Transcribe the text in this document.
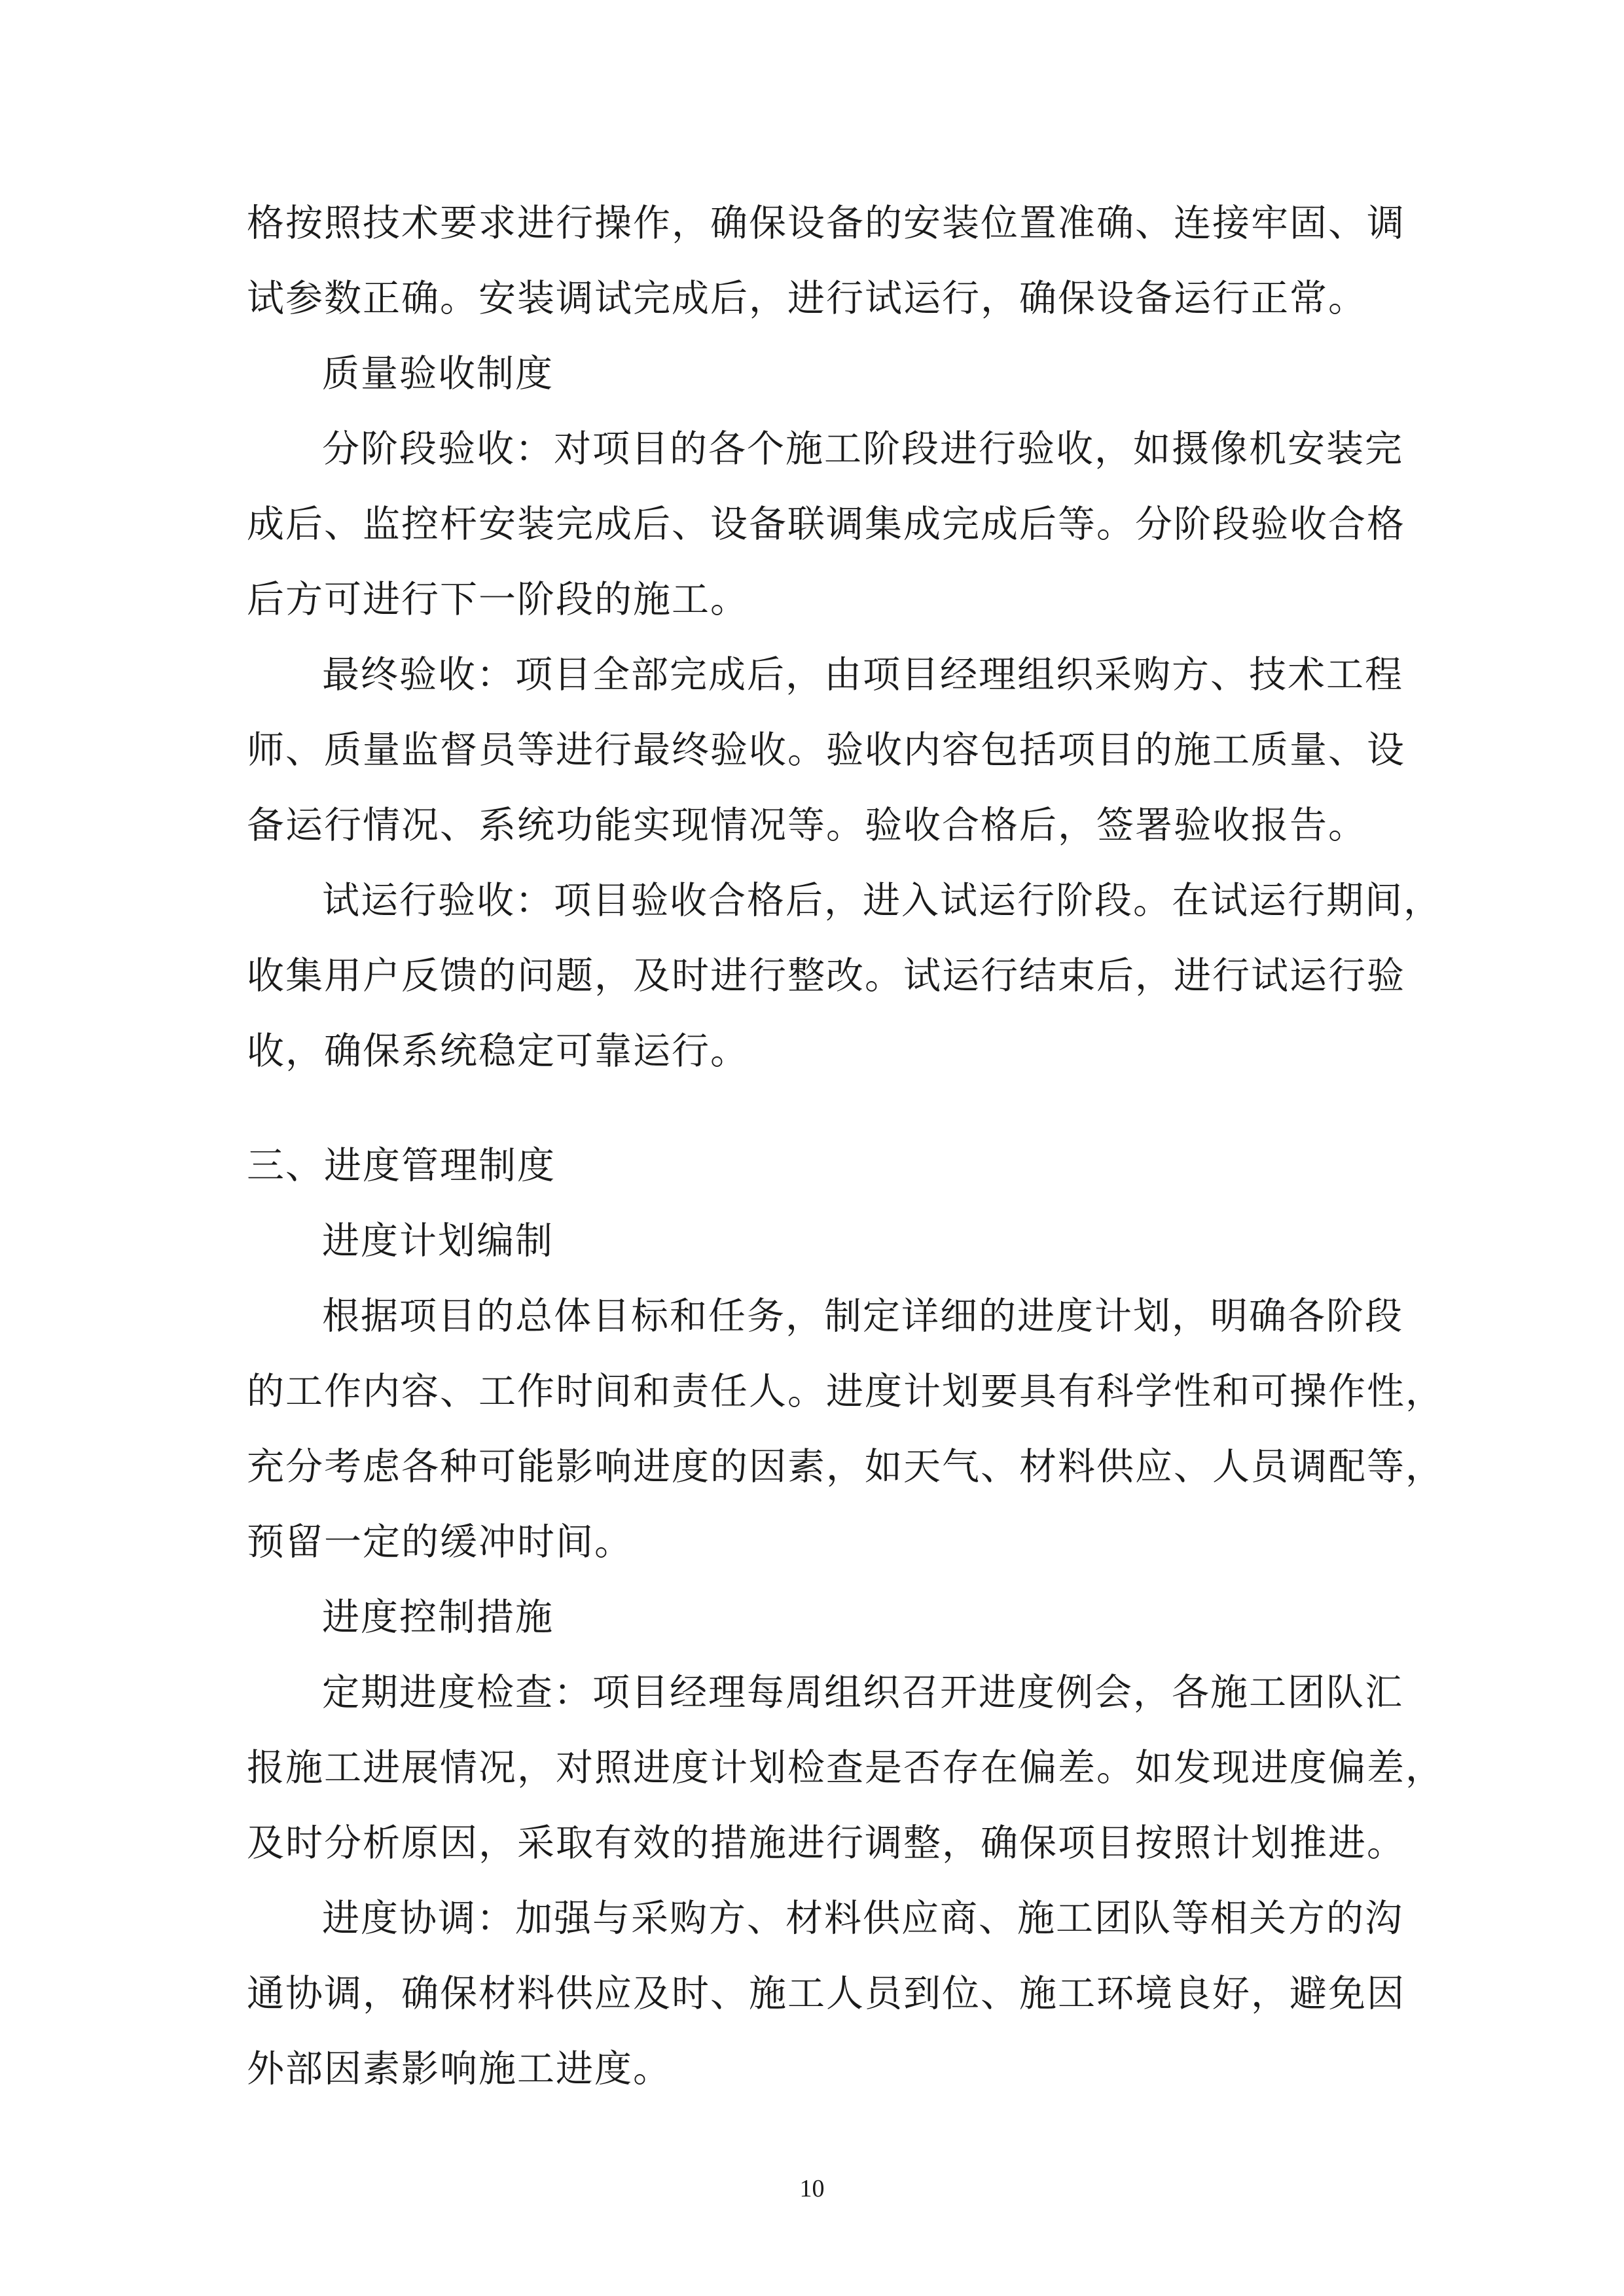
格按照技术要求进行操作，确保设备的安装位置准确、连接牢固、调
试参数正确。安装调试完成后，进行试运行，确保设备运行正常。
质量验收制度
分阶段验收：对项目的各个施工阶段进行验收，如摄像机安装完
成后、监控杆安装完成后、设备联调集成完成后等。分阶段验收合格
后方可进行下一阶段的施工。
最终验收：项目全部完成后，由项目经理组织采购方、技术工程
师、质量监督员等进行最终验收。验收内容包括项目的施工质量、设
备运行情况、系统功能实现情况等。验收合格后，签署验收报告。
试运行验收：项目验收合格后，进入试运行阶段。在试运行期间，
收集用户反馈的问题，及时进行整改。试运行结束后，进行试运行验
收，确保系统稳定可靠运行。
三、进度管理制度
进度计划编制
根据项目的总体目标和任务，制定详细的进度计划，明确各阶段
的工作内容、工作时间和责任人。进度计划要具有科学性和可操作性，
充分考虑各种可能影响进度的因素，如天气、材料供应、人员调配等，
预留一定的缓冲时间。
进度控制措施
定期进度检查：项目经理每周组织召开进度例会，各施工团队汇
报施工进展情况，对照进度计划检查是否存在偏差。如发现进度偏差，
及时分析原因，采取有效的措施进行调整，确保项目按照计划推进。
进度协调：加强与采购方、材料供应商、施工团队等相关方的沟
通协调，确保材料供应及时、施工人员到位、施工环境良好，避免因
外部因素影响施工进度。
10
